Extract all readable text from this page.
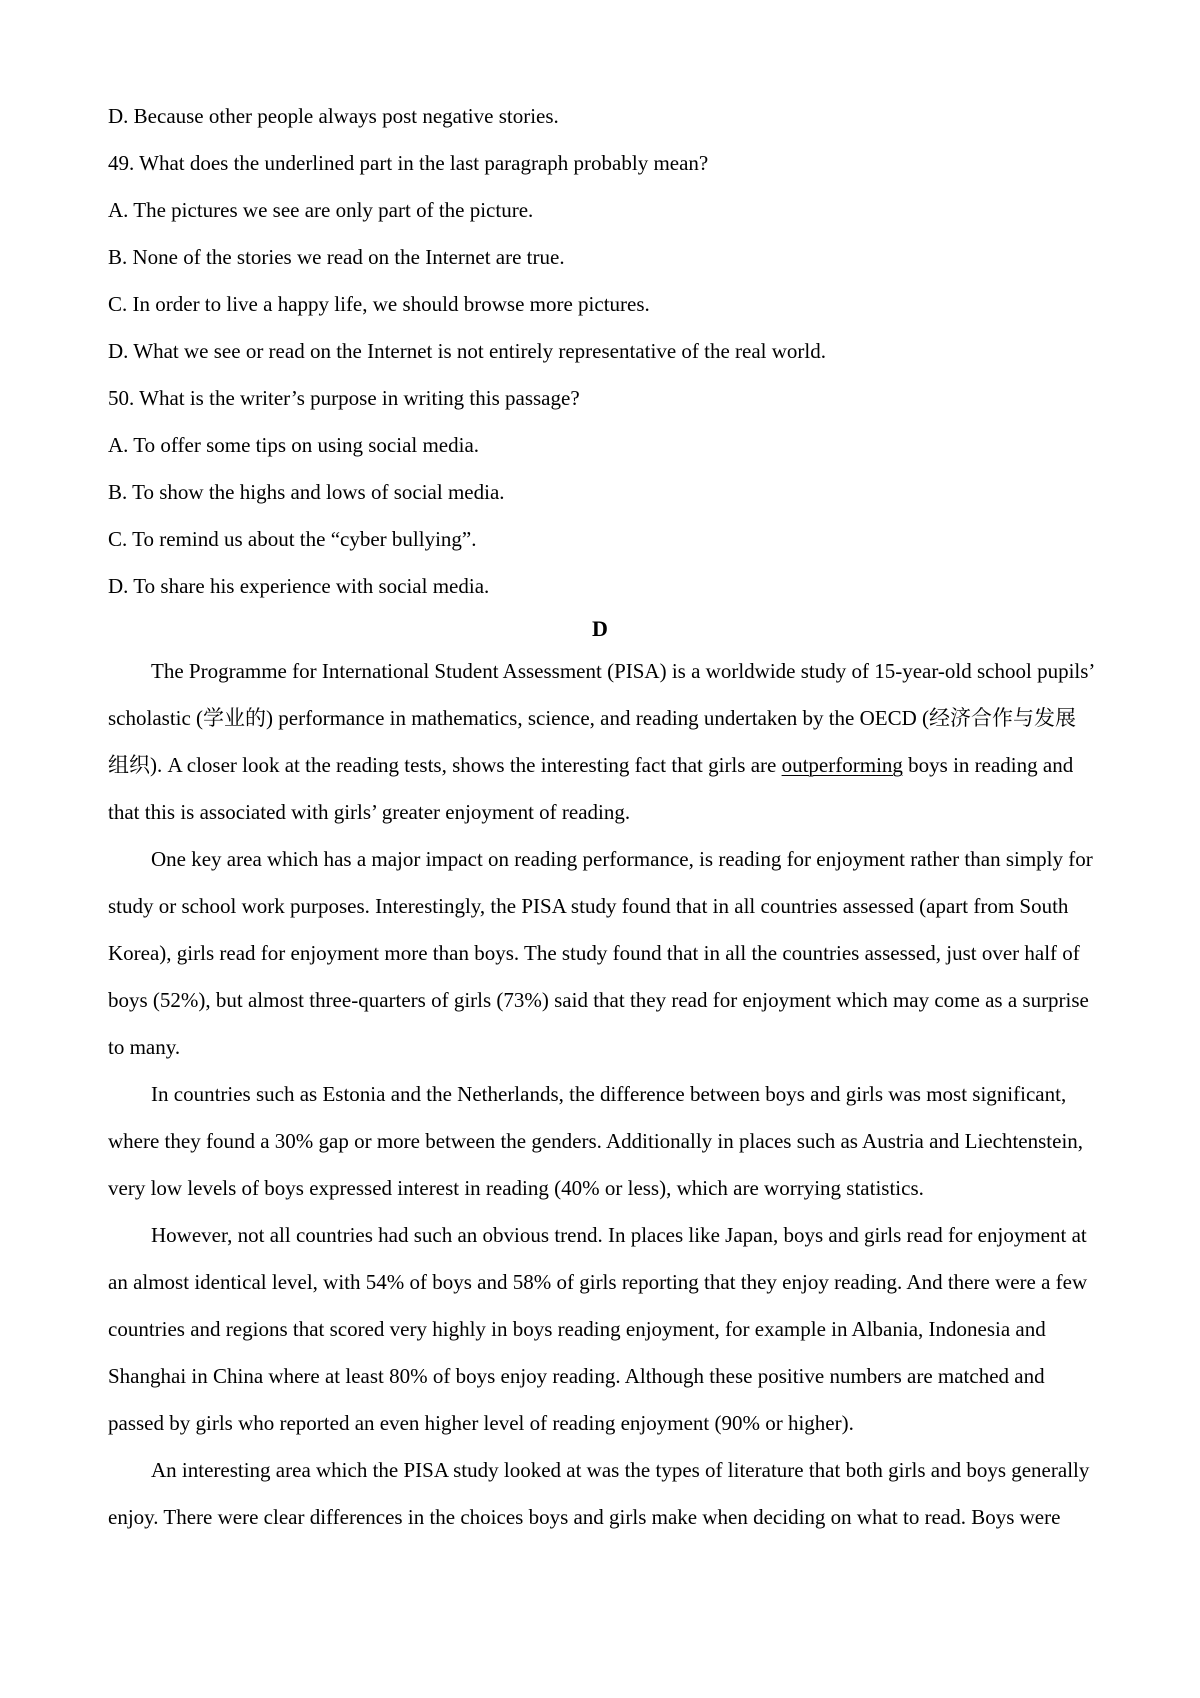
D. Because other people always post negative stories.
49. What does the underlined part in the last paragraph probably mean?
A. The pictures we see are only part of the picture.
B. None of the stories we read on the Internet are true.
C. In order to live a happy life, we should browse more pictures.
D. What we see or read on the Internet is not entirely representative of the real world.
50. What is the writer’s purpose in writing this passage?
A. To offer some tips on using social media.
B. To show the highs and lows of social media.
C. To remind us about the “cyber bullying”.
D. To share his experience with social media.
D
The Programme for International Student Assessment (PISA) is a worldwide study of 15-year-old school pupils’
scholastic (学业的) performance in mathematics, science, and reading undertaken by the OECD (经济合作与发展
组织). A closer look at the reading tests, shows the interesting fact that girls are outperforming boys in reading and
that this is associated with girls’ greater enjoyment of reading.
One key area which has a major impact on reading performance, is reading for enjoyment rather than simply for
study or school work purposes. Interestingly, the PISA study found that in all countries assessed (apart from South
Korea), girls read for enjoyment more than boys. The study found that in all the countries assessed, just over half of
boys (52%), but almost three-quarters of girls (73%) said that they read for enjoyment which may come as a surprise
to many.
In countries such as Estonia and the Netherlands, the difference between boys and girls was most significant,
where they found a 30% gap or more between the genders. Additionally in places such as Austria and Liechtenstein,
very low levels of boys expressed interest in reading (40% or less), which are worrying statistics.
However, not all countries had such an obvious trend. In places like Japan, boys and girls read for enjoyment at
an almost identical level, with 54% of boys and 58% of girls reporting that they enjoy reading. And there were a few
countries and regions that scored very highly in boys reading enjoyment, for example in Albania, Indonesia and
Shanghai in China where at least 80% of boys enjoy reading. Although these positive numbers are matched and
passed by girls who reported an even higher level of reading enjoyment (90% or higher).
An interesting area which the PISA study looked at was the types of literature that both girls and boys generally
enjoy. There were clear differences in the choices boys and girls make when deciding on what to read. Boys were
